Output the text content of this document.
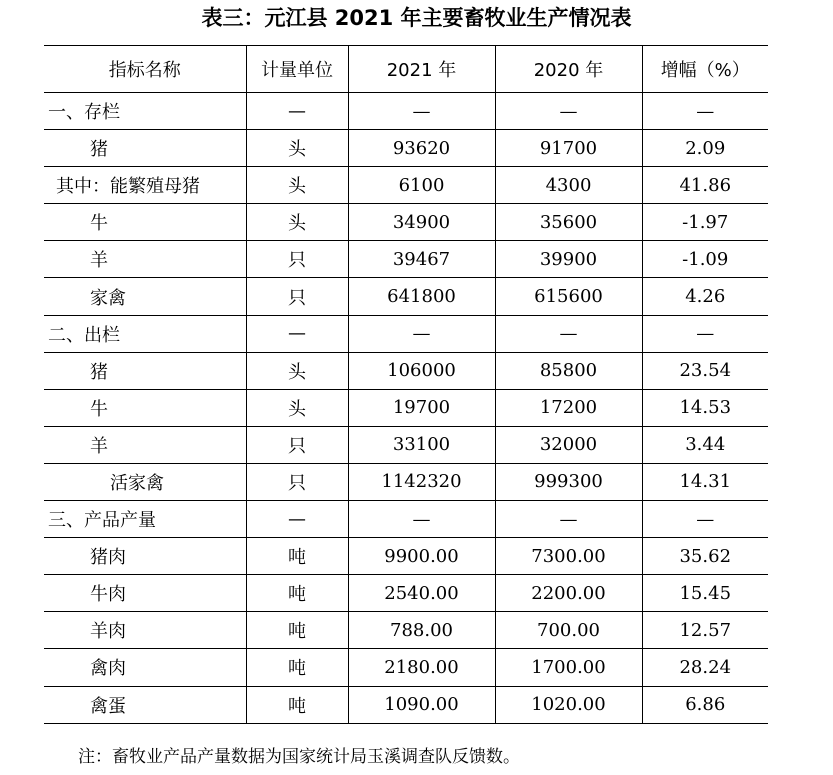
表三：元江县 2021 年主要畜牧业生产情况表
指标名称	计量单位	2021 年	2020 年	增幅（%）
一、存栏	—	—	—	—
猪	头	93620	91700	2.09
其中：能繁殖母猪	头	6100	4300	41.86
牛	头	34900	35600	-1.97
羊	只	39467	39900	-1.09
家禽	只	641800	615600	4.26
二、出栏	—	—	—	—
猪	头	106000	85800	23.54
牛	头	19700	17200	14.53
羊	只	33100	32000	3.44
活家禽	只	1142320	999300	14.31
三、产品产量	—	—	—	—
猪肉	吨	9900.00	7300.00	35.62
牛肉	吨	2540.00	2200.00	15.45
羊肉	吨	788.00	700.00	12.57
禽肉	吨	2180.00	1700.00	28.24
禽蛋	吨	1090.00	1020.00	6.86
注：畜牧业产品产量数据为国家统计局玉溪调查队反馈数。
